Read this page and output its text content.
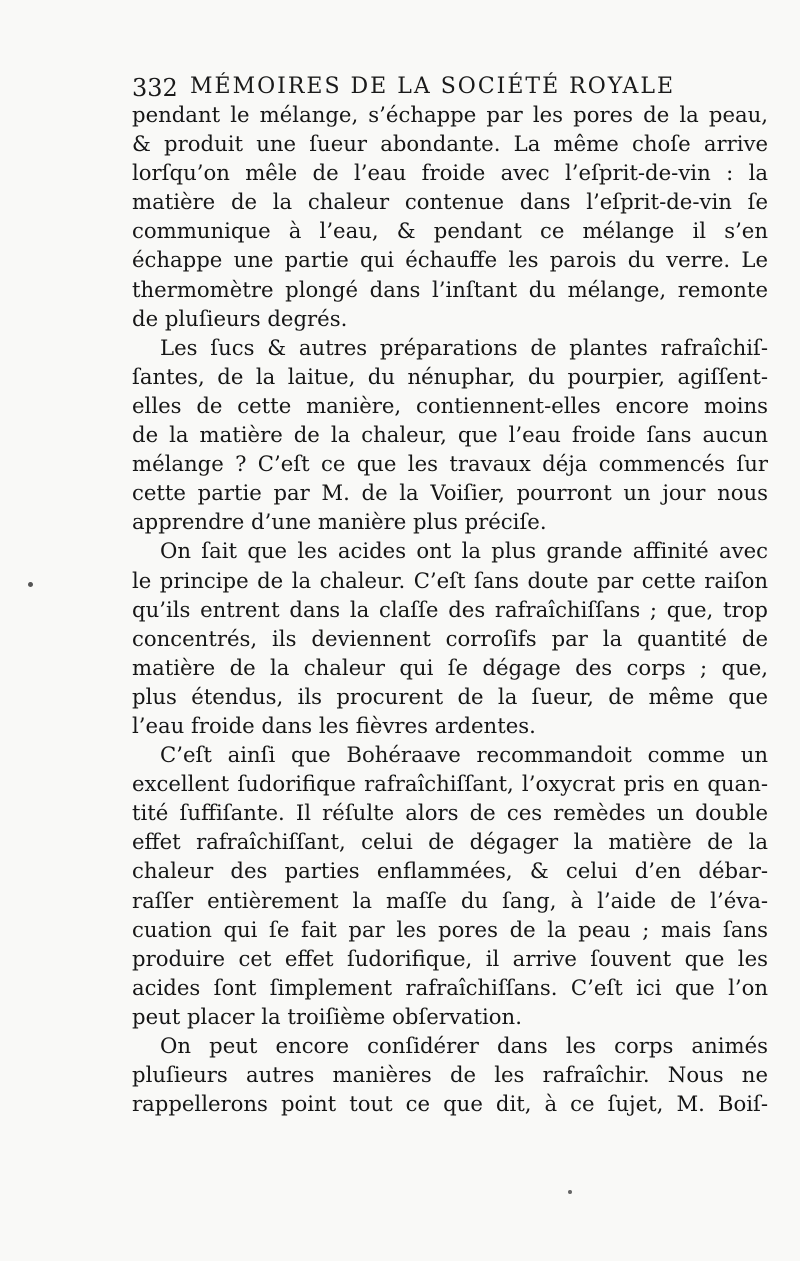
332 MÉMOIRES DE LA SOCIÉTÉ ROYALE
pendant le mélange, s’échappe par les pores de la peau,
& produit une ſueur abondante. La même choſe arrive
lorſqu’on mêle de l’eau froide avec l’eſprit-de-vin : la
matière de la chaleur contenue dans l’eſprit-de-vin ſe
communique à l’eau, & pendant ce mélange il s’en
échappe une partie qui échauffe les parois du verre. Le
thermomètre plongé dans l’inſtant du mélange, remonte
de pluſieurs degrés.
Les ſucs & autres préparations de plantes rafraîchiſ-
ſantes, de la laitue, du nénuphar, du pourpier, agiſſent-
elles de cette manière, contiennent-elles encore moins
de la matière de la chaleur, que l’eau froide ſans aucun
mélange ? C’eſt ce que les travaux déja commencés ſur
cette partie par M. de la Voiſier, pourront un jour nous
apprendre d’une manière plus préciſe.
On ſait que les acides ont la plus grande affinité avec
le principe de la chaleur. C’eſt ſans doute par cette raiſon
qu’ils entrent dans la claſſe des rafraîchiſſans ; que, trop
concentrés, ils deviennent corroſifs par la quantité de
matière de la chaleur qui ſe dégage des corps ; que,
plus étendus, ils procurent de la ſueur, de même que
l’eau froide dans les fièvres ardentes.
C’eſt ainſi que Bohéraave recommandoit comme un
excellent ſudorifique rafraîchiſſant, l’oxycrat pris en quan-
tité ſuffiſante. Il réſulte alors de ces remèdes un double
effet rafraîchiſſant, celui de dégager la matière de la
chaleur des parties enflammées, & celui d’en débar-
raſſer entièrement la maſſe du ſang, à l’aide de l’éva-
cuation qui ſe fait par les pores de la peau ; mais ſans
produire cet effet ſudorifique, il arrive ſouvent que les
acides ſont ſimplement rafraîchiſſans. C’eſt ici que l’on
peut placer la troiſième obſervation.
On peut encore conſidérer dans les corps animés
pluſieurs autres manières de les rafraîchir. Nous ne
rappellerons point tout ce que dit, à ce ſujet, M. Boiſ-
